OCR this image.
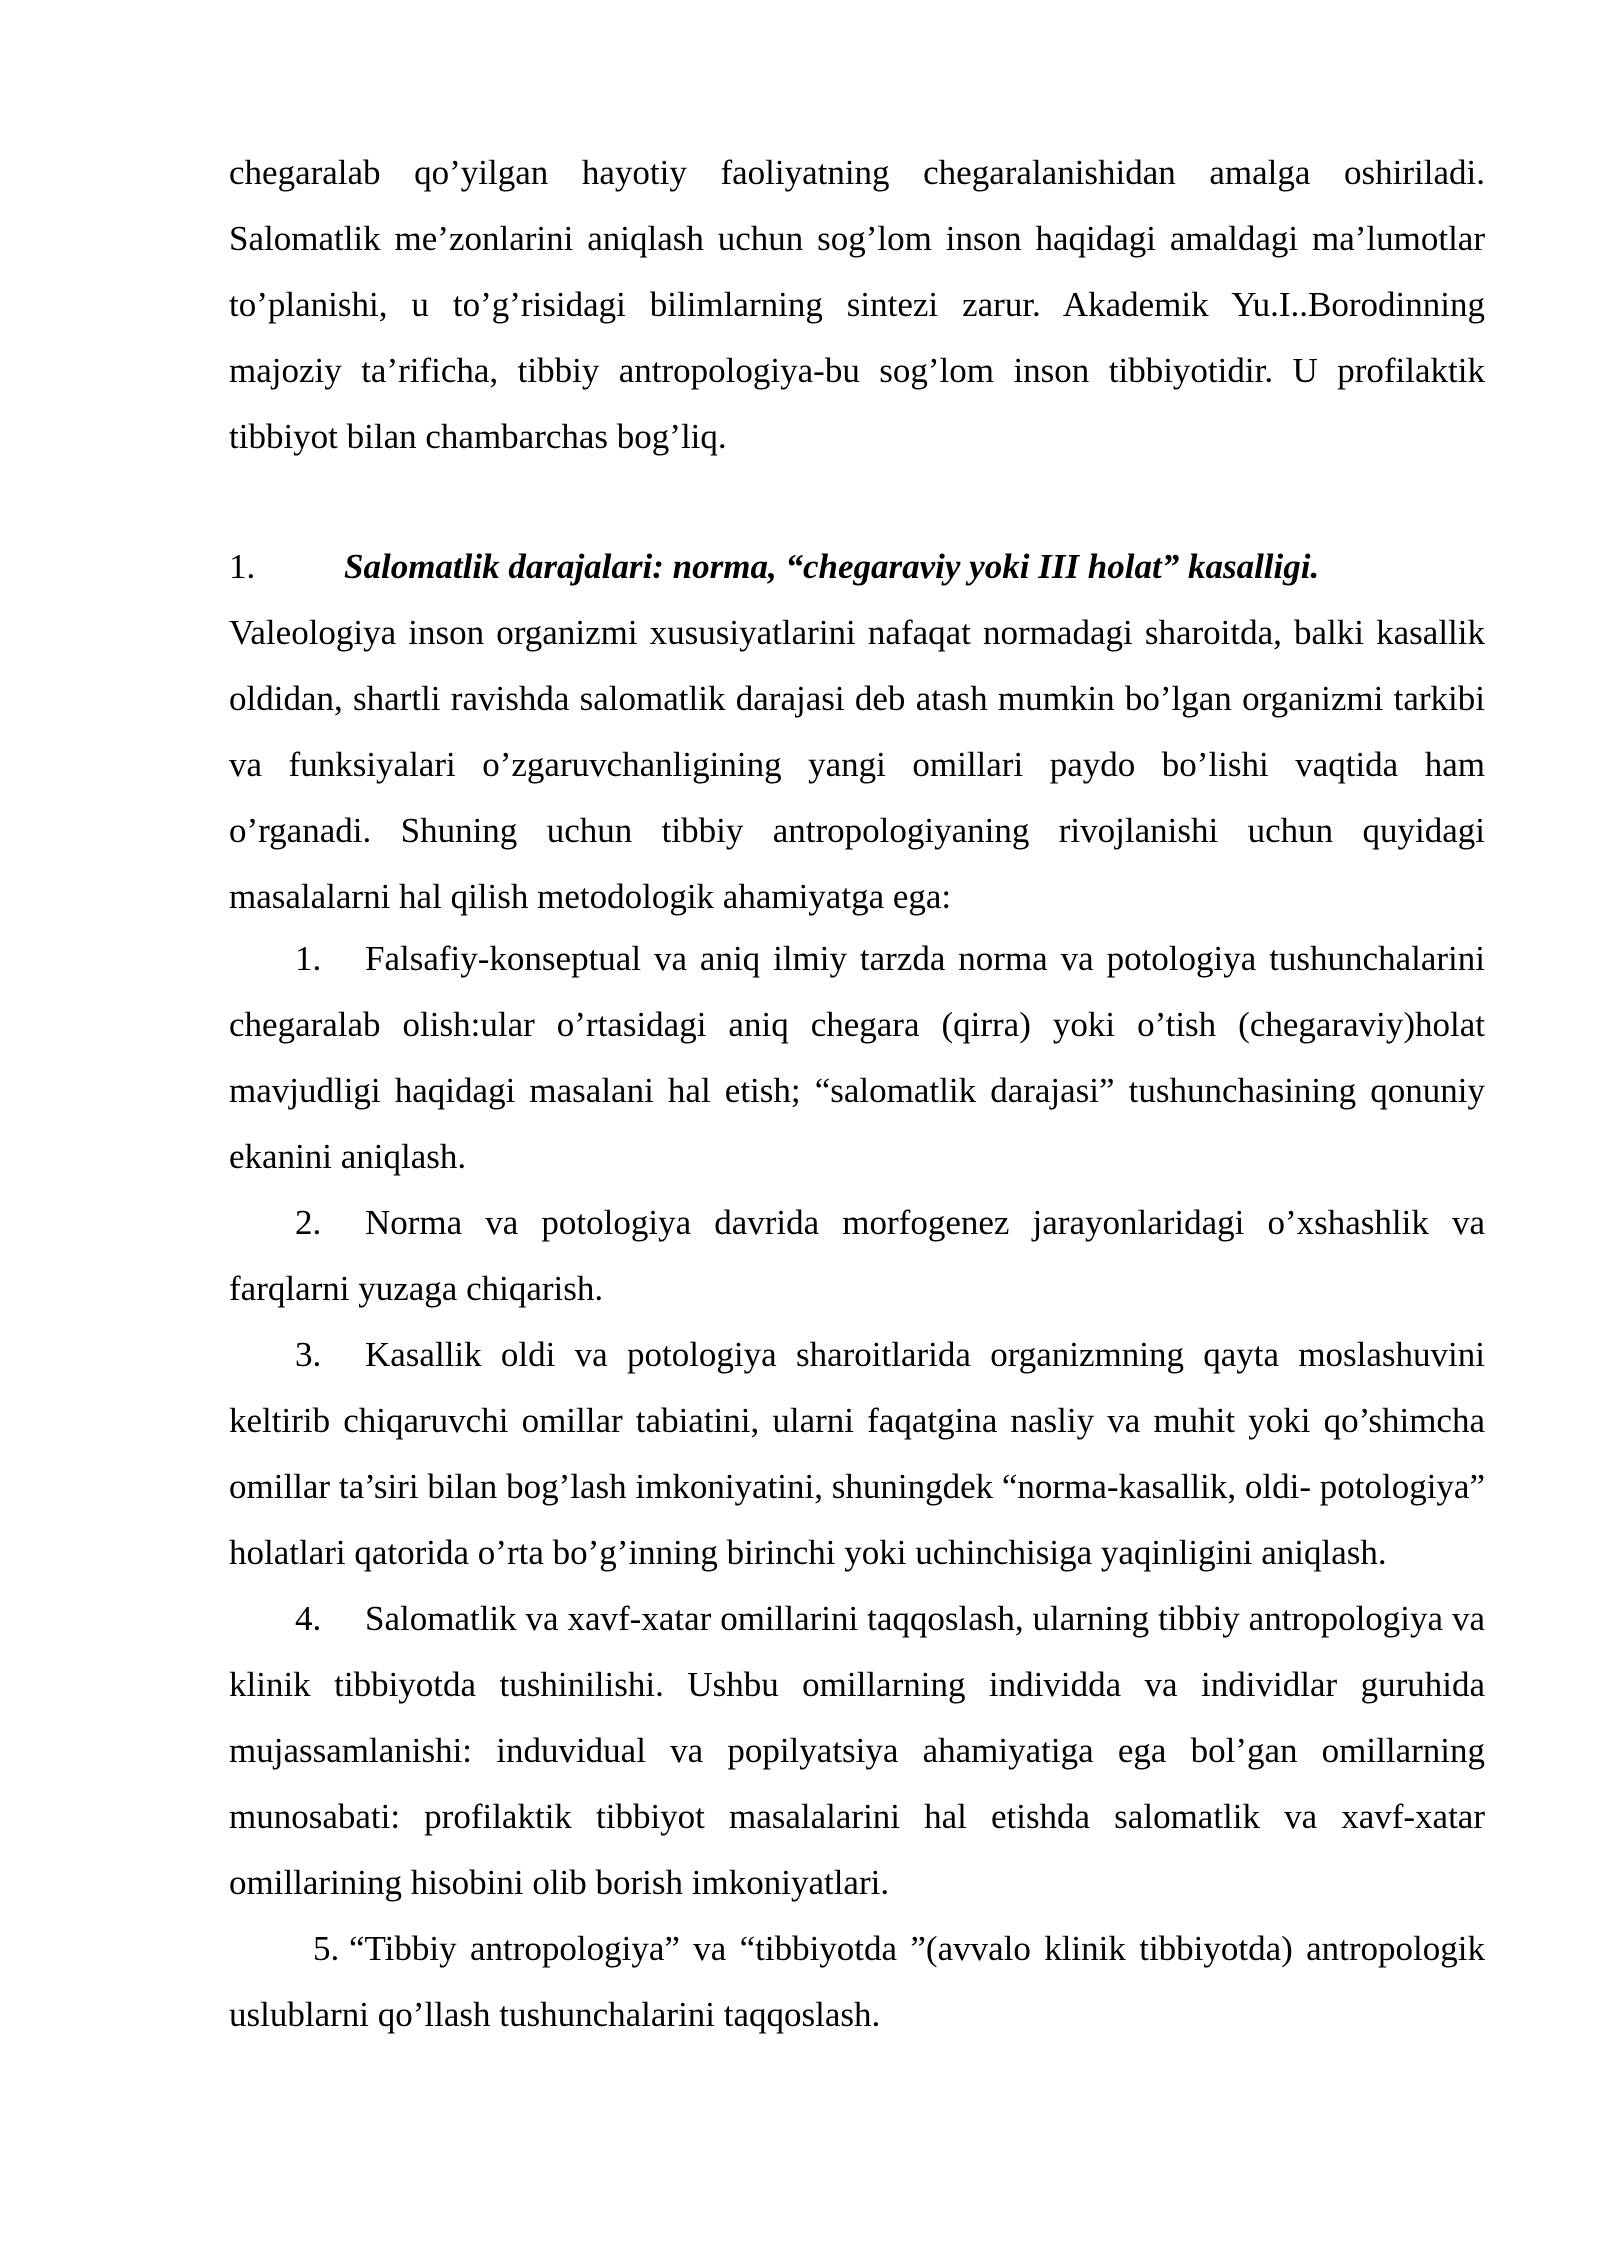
chegaralab qo’yilgan hayotiy faoliyatning chegaralanishidan amalga oshiriladi. Salomatlik me’zonlarini aniqlash uchun sog’lom inson haqidagi amaldagi ma’lumotlar to’planishi, u to’g’risidagi bilimlarning sintezi zarur. Akademik Yu.I..Borodinning majoziy ta’rificha, tibbiy antropologiya-bu sog’lom inson tibbiyotidir. U profilaktik tibbiyot bilan chambarchas bog’liq.

1.	Salomatlik darajalari: norma, “chegaraviy yoki III holat” kasalligi.

Valeologiya inson organizmi xususiyatlarini nafaqat normadagi sharoitda, balki kasallik oldidan, shartli ravishda salomatlik darajasi deb atash mumkin bo’lgan organizmi tarkibi va funksiyalari o’zgaruvchanligining yangi omillari paydo bo’lishi vaqtida ham o’rganadi. Shuning uchun tibbiy antropologiyaning rivojlanishi uchun quyidagi masalalarni hal qilish metodologik ahamiyatga ega:

1. Falsafiy-konseptual va aniq ilmiy tarzda norma va potologiya tushunchalarini chegaralab olish:ular o’rtasidagi aniq chegara (qirra) yoki o’tish (chegaraviy)holat mavjudligi haqidagi masalani hal etish; “salomatlik darajasi” tushunchasining qonuniy ekanini aniqlash.

2. Norma va potologiya davrida morfogenez jarayonlaridagi o’xshashlik va farqlarni yuzaga chiqarish.

3. Kasallik oldi va potologiya sharoitlarida organizmning qayta moslashuvini keltirib chiqaruvchi omillar tabiatini, ularni faqatgina nasliy va muhit yoki qo’shimcha omillar ta’siri bilan bog’lash imkoniyatini, shuningdek “norma-kasallik, oldi- potologiya” holatlari qatorida o’rta bo’g’inning birinchi yoki uchinchisiga yaqinligini aniqlash.

4. Salomatlik va xavf-xatar omillarini taqqoslash, ularning tibbiy antropologiya va klinik tibbiyotda tushinilishi. Ushbu omillarning individda va individlar guruhida mujassamlanishi: induvidual va popilyatsiya ahamiyatiga ega bol’gan omillarning munosabati: profilaktik tibbiyot masalalarini hal etishda salomatlik va xavf-xatar omillarining hisobini olib borish imkoniyatlari.

5. “Tibbiy antropologiya” va “tibbiyotda ”(avvalo klinik tibbiyotda) antropologik uslublarni qo’llash tushunchalarini taqqoslash.
